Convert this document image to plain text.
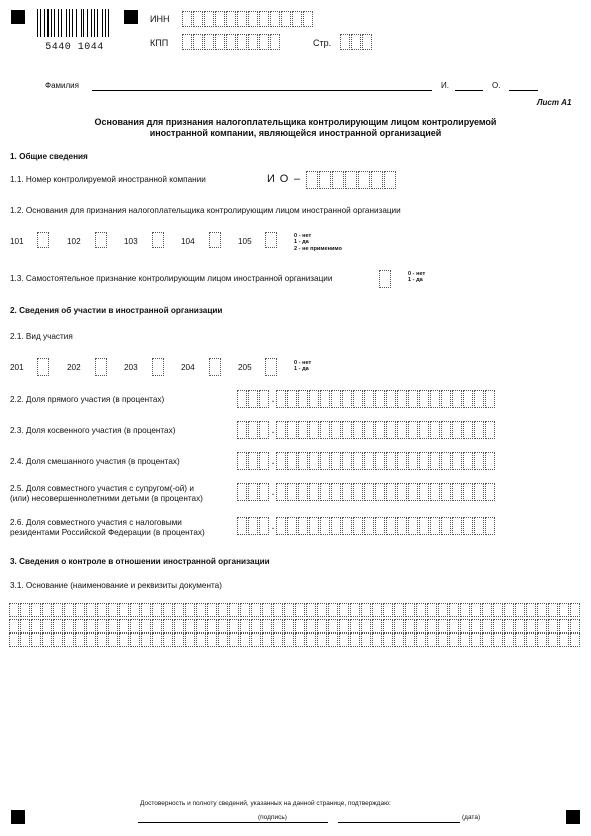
5440 1044
ИНН
КПП	Стр.
Фамилия	И.	О.
Лист А1
Основания для признания налогоплательщика контролирующим лицом контролируемой
иностранной компании, являющейся иностранной организацией
1. Общие сведения
1.1. Номер контролируемой иностранной компании	И О –
1.2. Основания для признания налогоплательщика контролирующим лицом иностранной организации
101	102	103	104	105
0 - нет
1 - да
2 - не применимо
1.3. Самостоятельное признание контролирующим лицом иностранной организации	0 - нет
1 - да
2. Сведения об участии в иностранной организации
2.1. Вид участия
201	202	203	204	205	0 - нет
1 - да
2.2. Доля прямого участия (в процентах)	.
2.3. Доля косвенного участия (в процентах)	.
2.4. Доля смешанного участия (в процентах)	.
2.5. Доля совместного участия с супругом(-ой) и
(или) несовершеннолетними детьми (в процентах)
.
2.6. Доля совместного участия с налоговыми
резидентами Российской Федерации (в процентах)
.
3. Сведения о контроле в отношении иностранной организации
3.1. Основание (наименование и реквизиты документа)
Достоверность и полноту сведений, указанных на данной странице, подтверждаю:
(подпись)	(дата)
